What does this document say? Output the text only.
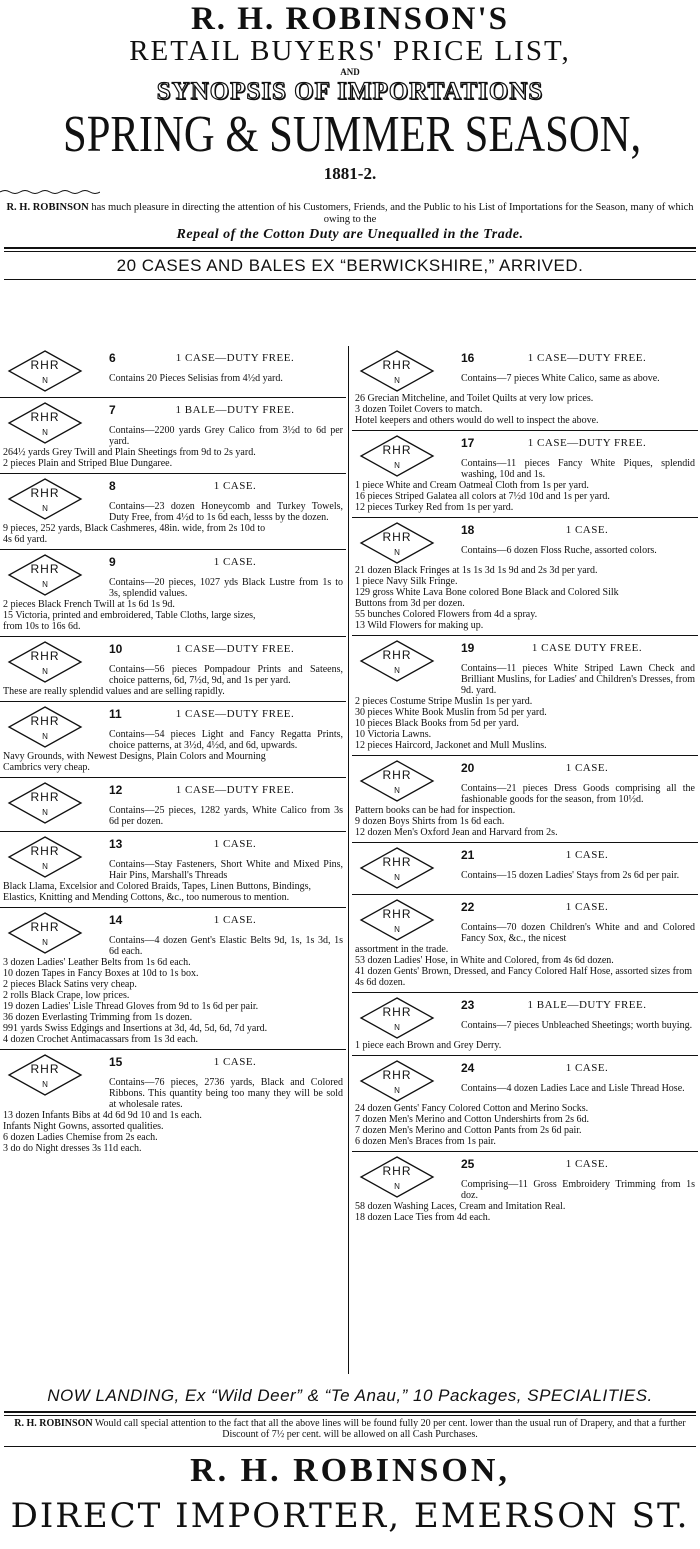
R. H. ROBINSON'S
RETAIL BUYERS' PRICE LIST,
AND
SYNOPSIS OF IMPORTATIONS
SPRING & SUMMER SEASON,
1881-2.
R. H. ROBINSON has much pleasure in directing the attention of his Customers, Friends, and the Public to his List of Importations for the Season, many of which owing to the
Repeal of the Cotton Duty are Unequalled in the Trade.
20 CASES AND BALES EX “BERWICKSHIRE,” ARRIVED.
RHR
N
6	1 CASE—DUTY FREE.
Contains 20 Pieces Selisias from 4½d yard.
RHR
N
7	1 BALE—DUTY FREE.
Contains—2200 yards Grey Calico from 3½d to 6d per yard.
264½ yards Grey Twill and Plain Sheetings from 9d to 2s yard.
2 pieces Plain and Striped Blue Dungaree.
RHR
N
8	1 CASE.
Contains—23 dozen Honeycomb and Turkey Towels, Duty Free, from 4½d to 1s 6d each, lesss by the dozen.
9 pieces, 252 yards, Black Cashmeres, 48in. wide, from 2s 10d to
4s 6d yard.
RHR
N
9	1 CASE.
Contains—20 pieces, 1027 yds Black Lustre from 1s to 3s, splendid values.
2 pieces Black French Twill at 1s 6d 1s 9d.
15 Victoria, printed and embroidered, Table Cloths, large sizes,
from 10s to 16s 6d.
RHR
N
10	1 CASE—DUTY FREE.
Contains—56 pieces Pompadour Prints and Sateens, choice patterns, 6d, 7½d, 9d, and 1s per yard.
These are really splendid values and are selling rapidly.
RHR
N
11	1 CASE—DUTY FREE.
Contains—54 pieces Light and Fancy Regatta Prints, choice patterns, at 3½d, 4½d, and 6d, upwards.
Navy Grounds, with Newest Designs, Plain Colors and Mourning
Cambrics very cheap.
RHR
N
12	1 CASE—DUTY FREE.
Contains—25 pieces, 1282 yards, White Calico from 3s 6d per dozen.
RHR
N
13	1 CASE.
Contains—Stay Fasteners, Short White and Mixed Pins, Hair Pins, Marshall's Threads
Black Llama, Excelsior and Colored Braids, Tapes, Linen Buttons, Bindings, Elastics, Knitting and Mending Cottons, &c., too numerous to mention.
RHR
N
14	1 CASE.
Contains—4 dozen Gent's Elastic Belts 9d, 1s, 1s 3d, 1s 6d each.
3 dozen Ladies' Leather Belts from 1s 6d each.
10 dozen Tapes in Fancy Boxes at 10d to 1s box.
2 pieces Black Satins very cheap.
2 rolls Black Crape, low prices.
19 dozen Ladies' Lisle Thread Gloves from 9d to 1s 6d per pair.
36 dozen Everlasting Trimming from 1s dozen.
991 yards Swiss Edgings and Insertions at 3d, 4d, 5d, 6d, 7d yard.
4 dozen Crochet Antimacassars from 1s 3d each.
RHR
N
15	1 CASE.
Contains—76 pieces, 2736 yards, Black and Colored Ribbons. This quantity being too many they will be sold at wholesale rates.
13 dozen Infants Bibs at 4d 6d 9d 10 and 1s each.
Infants Night Gowns, assorted qualities.
6 dozen Ladies Chemise from 2s each.
3 do do Night dresses 3s 11d each.
RHR
N
16	1 CASE—DUTY FREE.
Contains—7 pieces White Calico, same as above.
26 Grecian Mitcheline, and Toilet Quilts at very low prices.
3 dozen Toilet Covers to match.
Hotel keepers and others would do well to inspect the above.
RHR
N
17	1 CASE—DUTY FREE.
Contains—11 pieces Fancy White Piques, splendid washing, 10d and 1s.
1 piece White and Cream Oatmeal Cloth from 1s per yard.
16 pieces Striped Galatea all colors at 7½d 10d and 1s per yard.
12 pieces Turkey Red from 1s per yard.
RHR
N
18	1 CASE.
Contains—6 dozen Floss Ruche, assorted colors.
21 dozen Black Fringes at 1s 1s 3d 1s 9d and 2s 3d per yard.
1 piece Navy Silk Fringe.
129 gross White Lava Bone colored Bone Black and Colored Silk
Buttons from 3d per dozen.
55 bunches Colored Flowers from 4d a spray.
13 Wild Flowers for making up.
RHR
N
19	1 CASE DUTY FREE.
Contains—11 pieces White Striped Lawn Check and Brilliant Muslins, for Ladies' and Children's Dresses, from 9d. yard.
2 pieces Costume Stripe Muslin 1s per yard.
30 pieces White Book Muslin from 5d per yard.
10 pieces Black Books from 5d per yard.
10 Victoria Lawns.
12 pieces Haircord, Jackonet and Mull Muslins.
RHR
N
20	1 CASE.
Contains—21 pieces Dress Goods comprising all the fashionable goods for the season, from 10½d.
Pattern books can be had for inspection.
9 dozen Boys Shirts from 1s 6d each.
12 dozen Men's Oxford Jean and Harvard from 2s.
RHR
N
21	1 CASE.
Contains—15 dozen Ladies' Stays from 2s 6d per pair.
RHR
N
22	1 CASE.
Contains—70 dozen Children's White and and Colored Fancy Sox, &c., the nicest
assortment in the trade.
53 dozen Ladies' Hose, in White and Colored, from 4s 6d dozen.
41 dozen Gents' Brown, Dressed, and Fancy Colored Half Hose, assorted sizes from 4s 6d dozen.
RHR
N
23	1 BALE—DUTY FREE.
Contains—7 pieces Unbleached Sheetings; worth buying.
1 piece each Brown and Grey Derry.
RHR
N
24	1 CASE.
Contains—4 dozen Ladies Lace and Lisle Thread Hose.
24 dozen Gents' Fancy Colored Cotton and Merino Socks.
7 dozen Men's Merino and Cotton Undershirts from 2s 6d.
7 dozen Men's Merino and Cotton Pants from 2s 6d pair.
6 dozen Men's Braces from 1s pair.
RHR
N
25	1 CASE.
Comprising—11 Gross Embroidery Trimming from 1s doz.
58 dozen Washing Laces, Cream and Imitation Real.
18 dozen Lace Ties from 4d each.
NOW LANDING, Ex “Wild Deer” & “Te Anau,” 10 Packages, SPECIALITIES.
R. H. ROBINSON Would call special attention to the fact that all the above lines will be found fully 20 per cent. lower than the usual run of Drapery, and that a further Discount of 7½ per cent. will be allowed on all Cash Purchases.
R. H. ROBINSON,
DIRECT IMPORTER, EMERSON ST.
